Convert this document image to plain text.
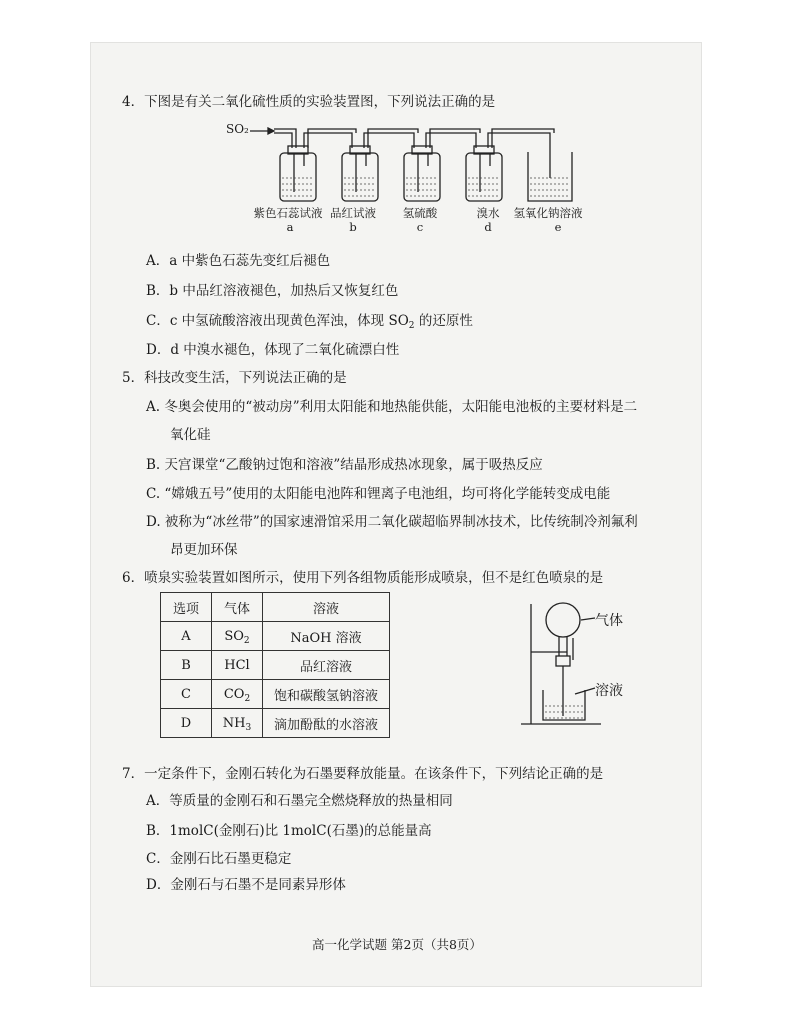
4．下图是有关二氧化硫性质的实验装置图，下列说法正确的是
SO₂
紫色石蕊试液 品红试液	氢硫酸	溴水	氢氧化钠溶液
a	b	c	d	e
A．a 中紫色石蕊先变红后褪色
B．b 中品红溶液褪色，加热后又恢复红色
C．c 中氢硫酸溶液出现黄色浑浊，体现 $SO_2$ 的还原性
D．d 中溴水褪色，体现了二氧化硫漂白性
5．科技改变生活，下列说法正确的是
A. 冬奥会使用的“被动房”利用太阳能和地热能供能，太阳能电池板的主要材料是二
氧化硅
B. 天宫课堂“乙酸钠过饱和溶液”结晶形成热冰现象，属于吸热反应
C. “嫦娥五号”使用的太阳能电池阵和锂离子电池组，均可将化学能转变成电能
D. 被称为“冰丝带”的国家速滑馆采用二氧化碳超临界制冰技术，比传统制冷剂氟利
昂更加环保
6．喷泉实验装置如图所示，使用下列各组物质能形成喷泉，但不是红色喷泉的是
选项	气体	溶液
A	$SO_2$	NaOH 溶液
B	HCl	品红溶液
C	$CO_2$	饱和碳酸氢钠溶液
D	$NH_3$	滴加酚酞的水溶液
气体
溶液
7．一定条件下，金刚石转化为石墨要释放能量。在该条件下，下列结论正确的是
A．等质量的金刚石和石墨完全燃烧释放的热量相同
B．1molC(金刚石)比 1molC(石墨)的总能量高
C．金刚石比石墨更稳定
D．金刚石与石墨不是同素异形体
高一化学试题 第2页（共8页）
